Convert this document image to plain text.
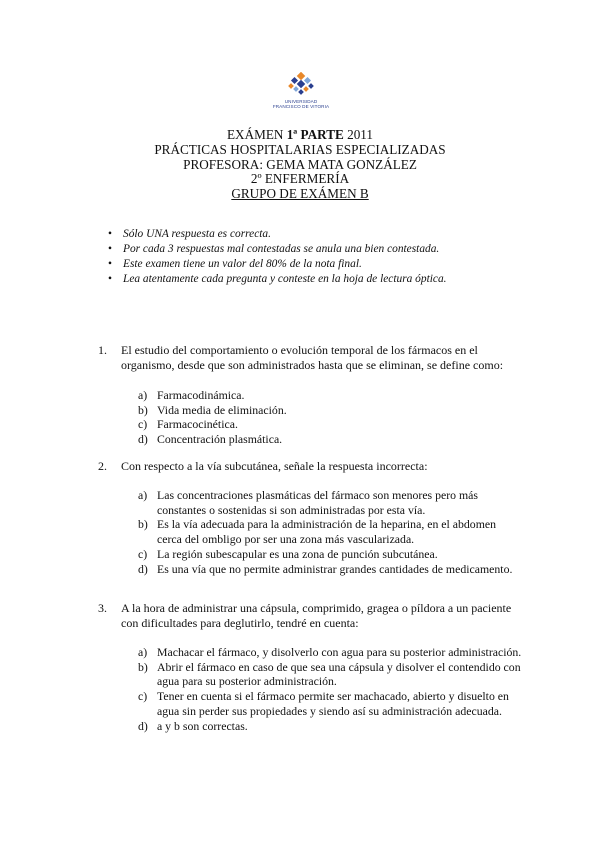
UNIVERSIDAD
FRANCISCO DE VITORIA
EXÁMEN 1ª PARTE 2011
PRÁCTICAS HOSPITALARIAS ESPECIALIZADAS
PROFESORA: GEMA MATA GONZÁLEZ
2º ENFERMERÍA
GRUPO DE EXÁMEN B
• Sólo UNA respuesta es correcta.
• Por cada 3 respuestas mal contestadas se anula una bien contestada.
• Este examen tiene un valor del 80% de la nota final.
• Lea atentamente cada pregunta y conteste en la hoja de lectura óptica.
1. El estudio del comportamiento o evolución temporal de los fármacos en el organismo, desde que son administrados hasta que se eliminan, se define como:
a) Farmacodinámica.
b) Vida media de eliminación.
c) Farmacocinética.
d) Concentración plasmática.
2. Con respecto a la vía subcutánea, señale la respuesta incorrecta:
a) Las concentraciones plasmáticas del fármaco son menores pero más constantes o sostenidas si son administradas por esta vía.
b) Es la vía adecuada para la administración de la heparina, en el abdomen cerca del ombligo por ser una zona más vascularizada.
c) La región subescapular es una zona de punción subcutánea.
d) Es una vía que no permite administrar grandes cantidades de medicamento.
3. A la hora de administrar una cápsula, comprimido, gragea o píldora a un paciente con dificultades para deglutirlo, tendré en cuenta:
a) Machacar el fármaco, y disolverlo con agua para su posterior administración.
b) Abrir el fármaco en caso de que sea una cápsula y disolver el contendido con agua para su posterior administración.
c) Tener en cuenta si el fármaco permite ser machacado, abierto y disuelto en agua sin perder sus propiedades y siendo así su administración adecuada.
d) a y b son correctas.
